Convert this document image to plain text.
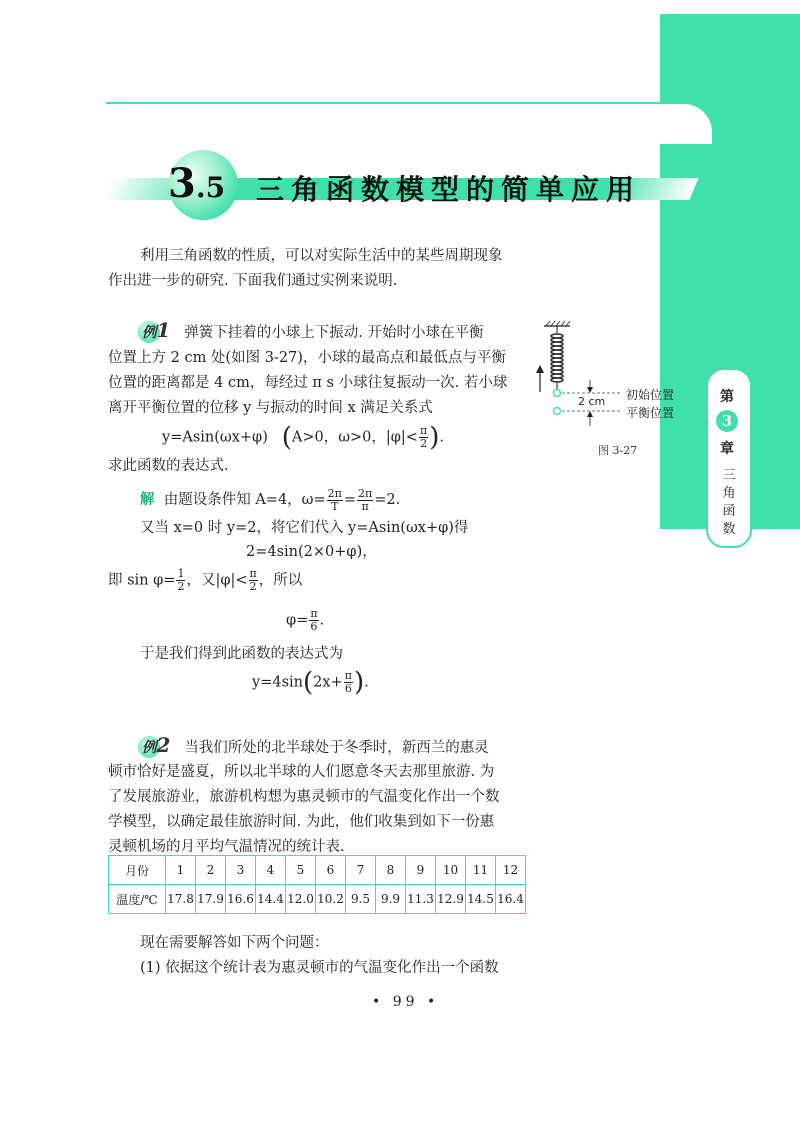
第
3
章
三
角
函
数
3.5 三角函数模型的简单应用
利用三角函数的性质，可以对实际生活中的某些周期现象
作出进一步的研究. 下面我们通过实例来说明.
例1 弹簧下挂着的小球上下振动. 开始时小球在平衡
位置上方 2 cm 处(如图 3-27)，小球的最高点和最低点与平衡
位置的距离都是 4 cm，每经过 π s 小球往复振动一次. 若小球
离开平衡位置的位移 y 与振动的时间 x 满足关系式
y=Asin(ωx+φ) (A>0，ω>0，$|\varphi|< \frac{\pi}{2}$ ).
求此函数的表达式.
解 由题设条件知 A=4，$\omega= \frac{2\pi}{T} = \frac{2\pi}{\pi} =2$.
又当 x=0 时 y=2，将它们代入 y=Asin(ωx+φ)得
2=4sin(2×0+φ)，
即 $\sin \varphi= \frac{1}{2}$ ，又$|\varphi|< \frac{\pi}{2}$ ，所以
$\varphi= \frac{\pi}{6}$ .
于是我们得到此函数的表达式为
$y=4\sin(2x+ \frac{\pi}{6}$ ).
2 cm 初始位置
平衡位置
图 3-27
例2 当我们所处的北半球处于冬季时，新西兰的惠灵
顿市恰好是盛夏，所以北半球的人们愿意冬天去那里旅游. 为
了发展旅游业，旅游机构想为惠灵顿市的气温变化作出一个数
学模型，以确定最佳旅游时间. 为此，他们收集到如下一份惠
灵顿机场的月平均气温情况的统计表.
月份	1	2	3	4	5	6	7	8	9	10	11	12
温度/℃	17.8	17.9	16.6	14.4	12.0	10.2	9.5	9.9	11.3	12.9	14.5	16.4
现在需要解答如下两个问题：
(1) 依据这个统计表为惠灵顿市的气温变化作出一个函数
• 99 •
